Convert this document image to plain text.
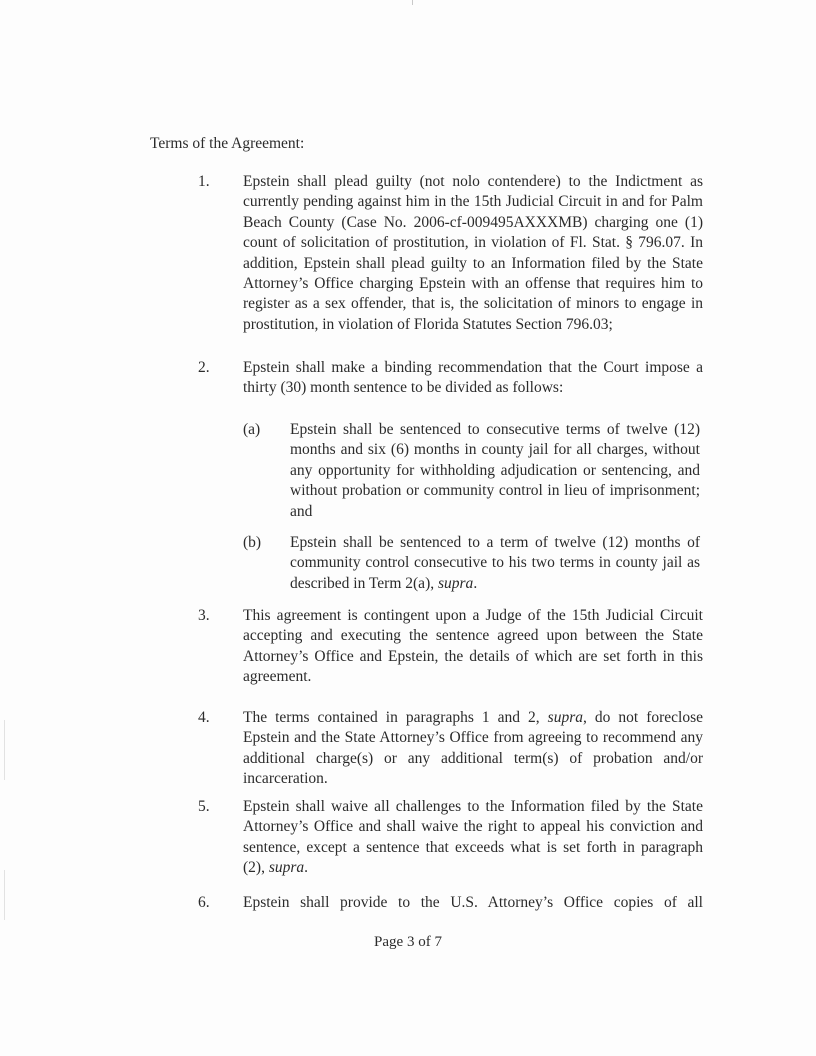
Terms of the Agreement:
1. Epstein shall plead guilty (not nolo contendere) to the Indictment as currently pending against him in the 15th Judicial Circuit in and for Palm Beach County (Case No. 2006-cf-009495AXXXMB) charging one (1) count of solicitation of prostitution, in violation of Fl. Stat. § 796.07. In addition, Epstein shall plead guilty to an Information filed by the State Attorney’s Office charging Epstein with an offense that requires him to register as a sex offender, that is, the solicitation of minors to engage in prostitution, in violation of Florida Statutes Section 796.03;
2. Epstein shall make a binding recommendation that the Court impose a thirty (30) month sentence to be divided as follows:
(a) Epstein shall be sentenced to consecutive terms of twelve (12) months and six (6) months in county jail for all charges, without any opportunity for withholding adjudication or sentencing, and without probation or community control in lieu of imprisonment; and
(b) Epstein shall be sentenced to a term of twelve (12) months of community control consecutive to his two terms in county jail as described in Term 2(a), supra.
3. This agreement is contingent upon a Judge of the 15th Judicial Circuit accepting and executing the sentence agreed upon between the State Attorney’s Office and Epstein, the details of which are set forth in this agreement.
4. The terms contained in paragraphs 1 and 2, supra, do not foreclose Epstein and the State Attorney’s Office from agreeing to recommend any additional charge(s) or any additional term(s) of probation and/or incarceration.
5. Epstein shall waive all challenges to the Information filed by the State Attorney’s Office and shall waive the right to appeal his conviction and sentence, except a sentence that exceeds what is set forth in paragraph (2), supra.
6. Epstein shall provide to the U.S. Attorney’s Office copies of all
Page 3 of 7
